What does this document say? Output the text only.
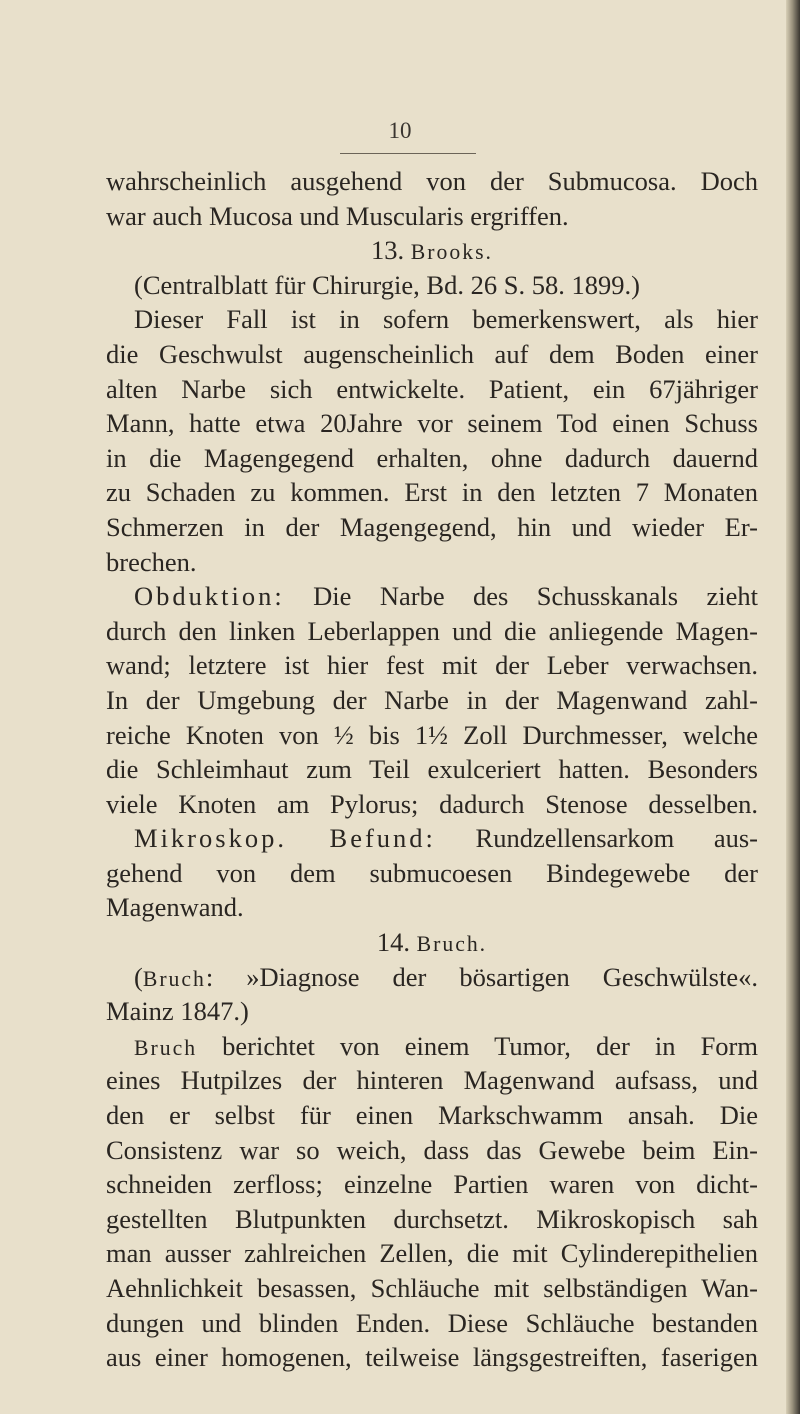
10
wahrscheinlich ausgehend von der Submucosa. Doch
war auch Mucosa und Muscularis ergriffen.
13. Brooks.
(Centralblatt für Chirurgie, Bd. 26 S. 58. 1899.)
Dieser Fall ist in sofern bemerkenswert, als hier
die Geschwulst augenscheinlich auf dem Boden einer
alten Narbe sich entwickelte. Patient, ein 67jähriger
Mann, hatte etwa 20Jahre vor seinem Tod einen Schuss
in die Magengegend erhalten, ohne dadurch dauernd
zu Schaden zu kommen. Erst in den letzten 7 Monaten
Schmerzen in der Magengegend, hin und wieder Er-
brechen.
Obduktion: Die Narbe des Schusskanals zieht
durch den linken Leberlappen und die anliegende Magen-
wand; letztere ist hier fest mit der Leber verwachsen.
In der Umgebung der Narbe in der Magenwand zahl-
reiche Knoten von ½ bis 1½ Zoll Durchmesser, welche
die Schleimhaut zum Teil exulceriert hatten. Besonders
viele Knoten am Pylorus; dadurch Stenose desselben.
Mikroskop. Befund: Rundzellensarkom aus-
gehend von dem submucoesen Bindegewebe der
Magenwand.
14. Bruch.
(Bruch: »Diagnose der bösartigen Geschwülste«.
Mainz 1847.)
Bruch berichtet von einem Tumor, der in Form
eines Hutpilzes der hinteren Magenwand aufsass, und
den er selbst für einen Markschwamm ansah. Die
Consistenz war so weich, dass das Gewebe beim Ein-
schneiden zerfloss; einzelne Partien waren von dicht-
gestellten Blutpunkten durchsetzt. Mikroskopisch sah
man ausser zahlreichen Zellen, die mit Cylinderepithelien
Aehnlichkeit besassen, Schläuche mit selbständigen Wan-
dungen und blinden Enden. Diese Schläuche bestanden
aus einer homogenen, teilweise längsgestreiften, faserigen
